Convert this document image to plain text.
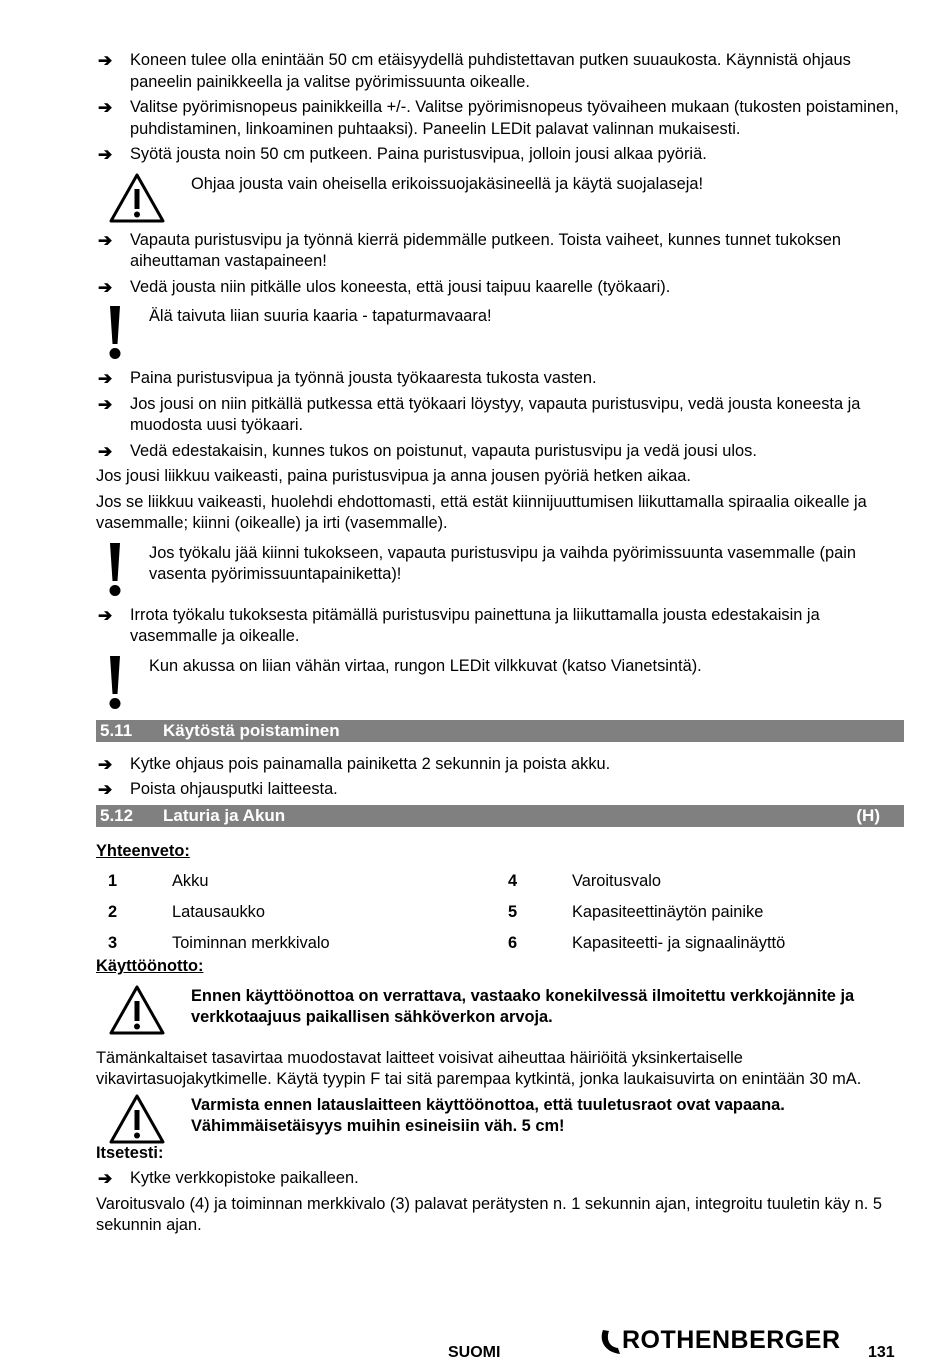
➔ Koneen tulee olla enintään 50 cm etäisyydellä puhdistettavan putken suuaukosta. Käynnistä ohjaus paneelin painikkeella ja valitse pyörimissuunta oikealle.
➔ Valitse pyörimisnopeus painikkeilla +/-. Valitse pyörimisnopeus työvaiheen mukaan (tukosten poistaminen, puhdistaminen, linkoaminen puhtaaksi). Paneelin LEDit palavat valinnan mukaisesti.
➔ Syötä jousta noin 50 cm putkeen. Paina puristusvipua, jolloin jousi alkaa pyöriä.
Ohjaa jousta vain oheisella erikoissuojakäsineellä ja käytä suojalaseja!
➔ Vapauta puristusvipu ja työnnä kierrä pidemmälle putkeen. Toista vaiheet, kunnes tunnet tukoksen aiheuttaman vastapaineen!
➔ Vedä jousta niin pitkälle ulos koneesta, että jousi taipuu kaarelle (työkaari).
Älä taivuta liian suuria kaaria - tapaturmavaara!
➔ Paina puristusvipua ja työnnä jousta työkaaresta tukosta vasten.
➔ Jos jousi on niin pitkällä putkessa että työkaari löystyy, vapauta puristusvipu, vedä jousta koneesta ja muodosta uusi työkaari.
➔ Vedä edestakaisin, kunnes tukos on poistunut, vapauta puristusvipu ja vedä jousi ulos.
Jos jousi liikkuu vaikeasti, paina puristusvipua ja anna jousen pyöriä hetken aikaa.
Jos se liikkuu vaikeasti, huolehdi ehdottomasti, että estät kiinnijuuttumisen liikuttamalla spiraalia oikealle ja vasemmalle; kiinni (oikealle) ja irti (vasemmalle).
Jos työkalu jää kiinni tukokseen, vapauta puristusvipu ja vaihda pyörimissuunta vasemmalle (pain vasenta pyörimissuuntapainiketta)!
➔ Irrota työkalu tukoksesta pitämällä puristusvipu painettuna ja liikuttamalla jousta edestakaisin ja vasemmalle ja oikealle.
Kun akussa on liian vähän virtaa, rungon LEDit vilkkuvat (katso Vianetsintä).
5.11 Käytöstä poistaminen
➔ Kytke ohjaus pois painamalla painiketta 2 sekunnin ja poista akku.
➔ Poista ohjausputki laitteesta.
5.12 Laturia ja Akun	(H)
Yhteenveto:
1	Akku	4	Varoitusvalo
2	Latausaukko	5	Kapasiteettinäytön painike
3	Toiminnan merkkivalo	6	Kapasiteetti- ja signaalinäyttö
Käyttöönotto:
Ennen käyttöönottoa on verrattava, vastaako konekilvessä ilmoitettu verkkojännite ja verkkotaajuus paikallisen sähköverkon arvoja.
Tämänkaltaiset tasavirtaa muodostavat laitteet voisivat aiheuttaa häiriöitä yksinkertaiselle vikavirtasuojakytkimelle. Käytä tyypin F tai sitä parempaa kytkintä, jonka laukaisuvirta on enintään 30 mA.
Varmista ennen latauslaitteen käyttöönottoa, että tuuletusraot ovat vapaana. Vähimmäisetäisyys muihin esineisiin väh. 5 cm!
Itsetesti:
➔ Kytke verkkopistoke paikalleen.
Varoitusvalo (4) ja toiminnan merkkivalo (3) palavat perätysten n. 1 sekunnin ajan, integroitu tuuletin käy n. 5 sekunnin ajan.
SUOMI	ROTHENBERGER 131
